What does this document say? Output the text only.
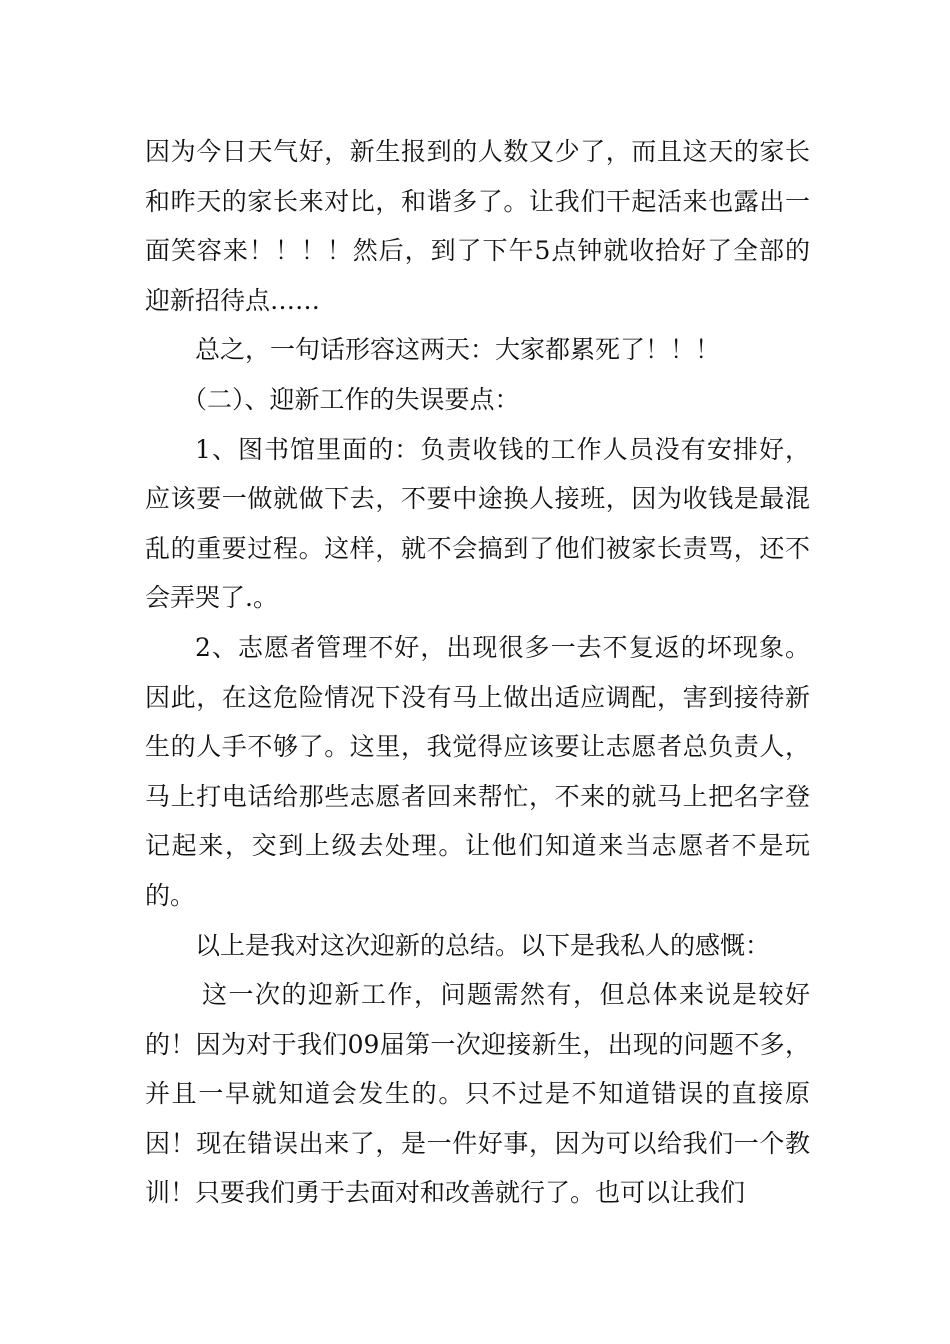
因为今日天气好，新生报到的人数又少了，而且这天的家长和昨天的家长来对比，和谐多了。让我们干起活来也露出一面笑容来！！！！然后，到了下午5点钟就收拾好了全部的迎新招待点……

总之，一句话形容这两天：大家都累死了！！！

（二）、迎新工作的失误要点：

1、图书馆里面的：负责收钱的工作人员没有安排好，应该要一做就做下去，不要中途换人接班，因为收钱是最混乱的重要过程。这样，就不会搞到了他们被家长责骂，还不会弄哭了.。

2、志愿者管理不好，出现很多一去不复返的坏现象。因此，在这危险情况下没有马上做出适应调配，害到接待新生的人手不够了。这里，我觉得应该要让志愿者总负责人，马上打电话给那些志愿者回来帮忙，不来的就马上把名字登记起来，交到上级去处理。让他们知道来当志愿者不是玩的。

以上是我对这次迎新的总结。以下是我私人的感慨：

这一次的迎新工作，问题需然有，但总体来说是较好的！因为对于我们09届第一次迎接新生，出现的问题不多，并且一早就知道会发生的。只不过是不知道错误的直接原因！现在错误出来了，是一件好事，因为可以给我们一个教训！只要我们勇于去面对和改善就行了。也可以让我们
